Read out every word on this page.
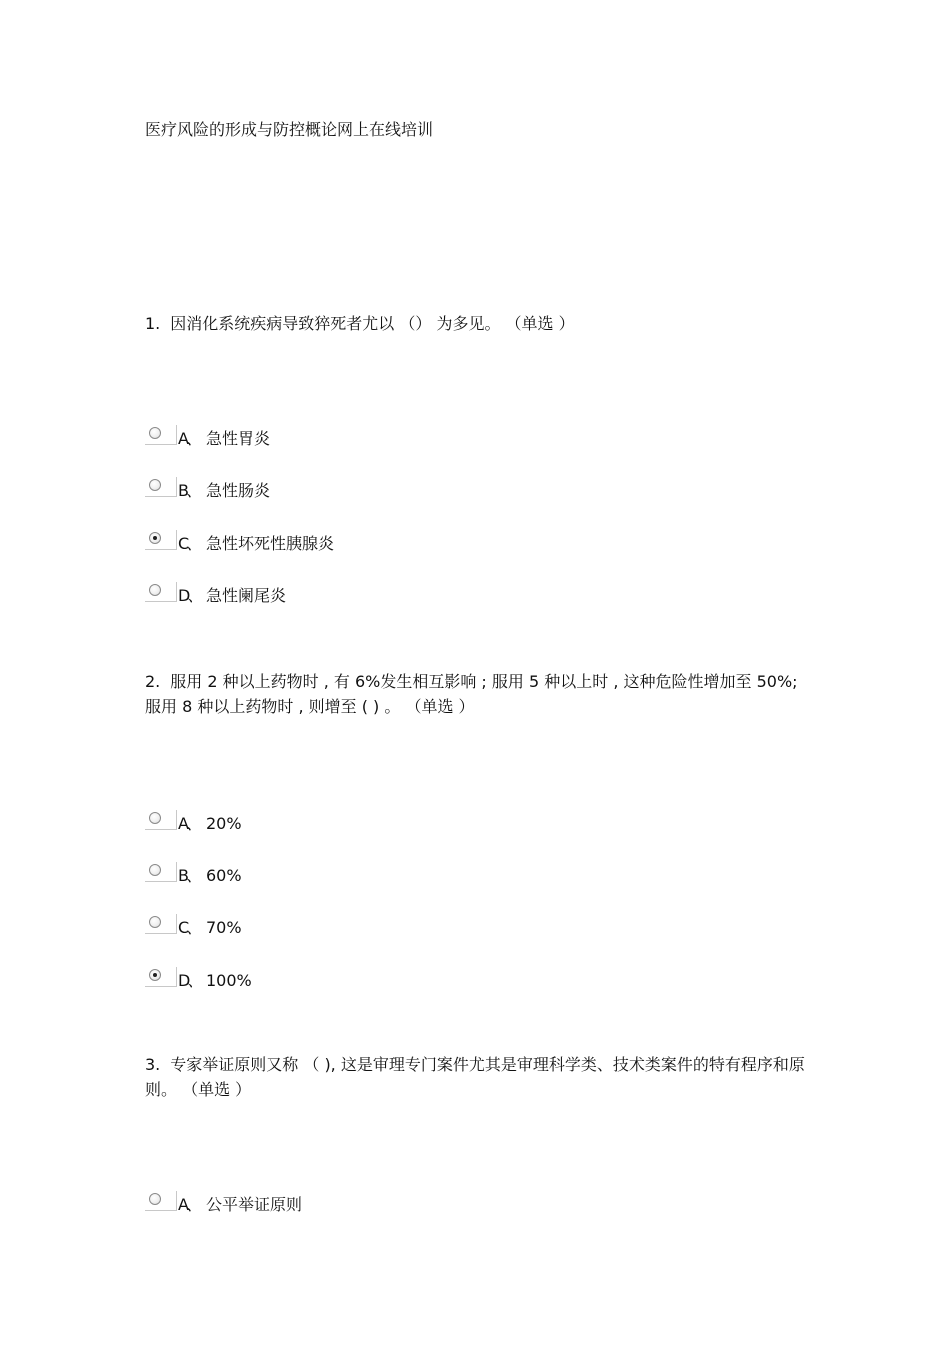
医疗风险的形成与防控概论网上在线培训
1. 因消化系统疾病导致猝死者尤以 （） 为多见。 （单选 ）
A、 急性胃炎
B、 急性肠炎
C、 急性坏死性胰腺炎
D、 急性阑尾炎
2. 服用 2 种以上药物时 , 有 6%发生相互影响 ; 服用 5 种以上时 , 这种危险性增加至 50%;服用 8 种以上药物时 , 则增至 ( ) 。 （单选 ）
A、 20%
B、 60%
C、 70%
D、 100%
3. 专家举证原则又称 （ ), 这是审理专门案件尤其是审理科学类、技术类案件的特有程序和原则。 （单选 ）
A、 公平举证原则
